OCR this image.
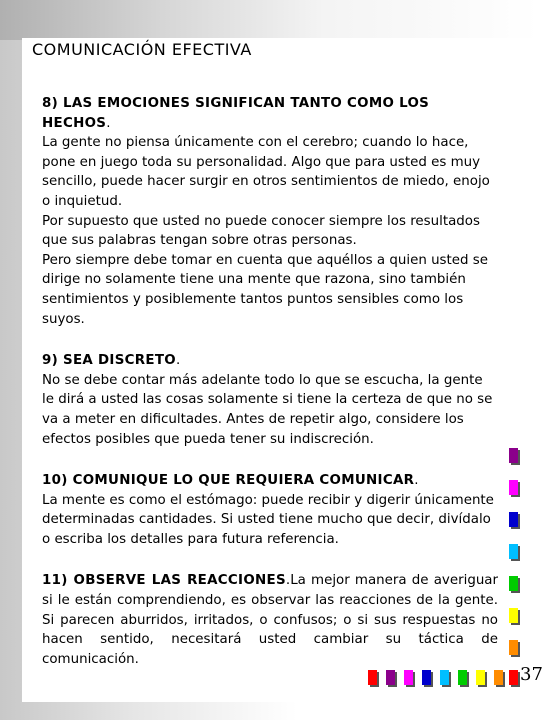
COMUNICACIÓN EFECTIVA
8) LAS EMOCIONES SIGNIFICAN TANTO COMO LOS HECHOS.
La gente no piensa únicamente con el cerebro; cuando lo hace, pone en juego toda su personalidad. Algo que para usted es muy sencillo, puede hacer surgir en otros sentimientos de miedo, enojo o inquietud.
Por supuesto que usted no puede conocer siempre los resultados que sus palabras tengan sobre otras personas.
Pero siempre debe tomar en cuenta que aquéllos a quien usted se dirige no solamente tiene una mente que razona, sino también sentimientos y posiblemente tantos puntos sensibles como los suyos.
9) SEA DISCRETO.
No se debe contar más adelante todo lo que se escucha, la gente le dirá a usted las cosas solamente si tiene la certeza de que no se va a meter en dificultades. Antes de repetir algo, considere los efectos posibles que pueda tener su indiscreción.
10) COMUNIQUE LO QUE REQUIERA COMUNICAR.
La mente es como el estómago: puede recibir y digerir únicamente determinadas cantidades. Si usted tiene mucho que decir, divídalo o escriba los detalles para futura referencia.
11) OBSERVE LAS REACCIONES.La mejor manera de averiguar si le están comprendiendo, es observar las reacciones de la gente. Si parecen aburridos, irritados, o confusos; o si sus respuestas no hacen sentido, necesitará usted cambiar su táctica de comunicación.
37
